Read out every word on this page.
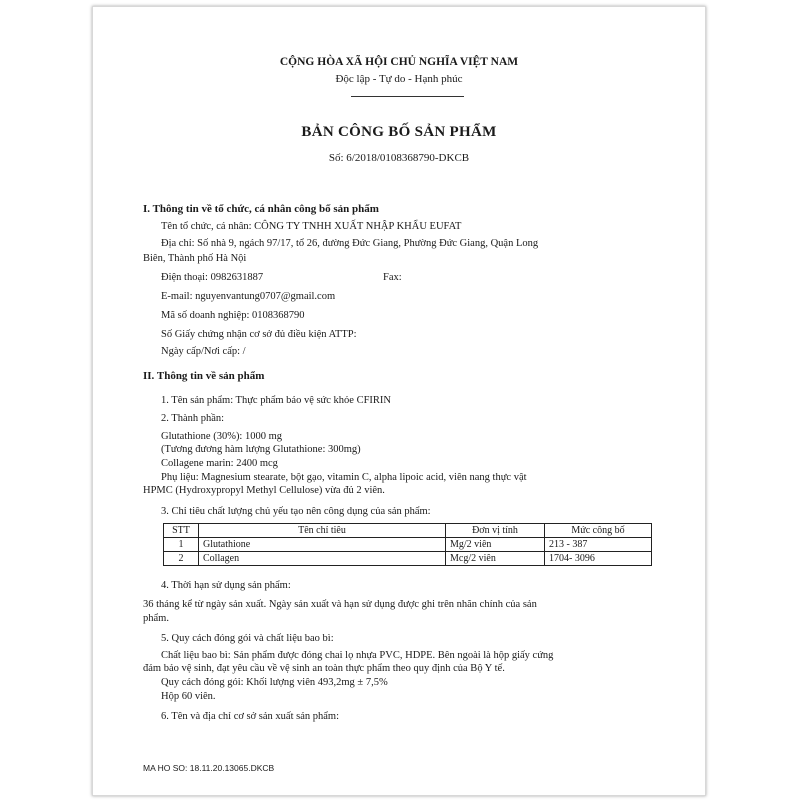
CỘNG HÒA XÃ HỘI CHỦ NGHĨA VIỆT NAM
Độc lập - Tự do - Hạnh phúc
BẢN CÔNG BỐ SẢN PHẨM
Số: 6/2018/0108368790-DKCB
I. Thông tin về tổ chức, cá nhân công bố sản phẩm
Tên tổ chức, cá nhân: CÔNG TY TNHH XUẤT NHẬP KHẨU EUFAT
Địa chỉ: Số nhà 9, ngách 97/17, tổ 26, đường Đức Giang, Phường Đức Giang, Quận Long
Biên, Thành phố Hà Nội
Điện thoại: 0982631887	Fax:
E-mail: nguyenvantung0707@gmail.com
Mã số doanh nghiệp: 0108368790
Số Giấy chứng nhận cơ sở đủ điều kiện ATTP:
Ngày cấp/Nơi cấp: /
II. Thông tin về sản phẩm
1. Tên sản phẩm: Thực phẩm bảo vệ sức khỏe CFIRIN
2. Thành phần:
Glutathione (30%): 1000 mg
(Tương đương hàm lượng Glutathione: 300mg)
Collagene marin: 2400 mcg
Phụ liệu: Magnesium stearate, bột gạo, vitamin C, alpha lipoic acid, viên nang thực vật
HPMC (Hydroxypropyl Methyl Cellulose) vừa đủ 2 viên.
3. Chỉ tiêu chất lượng chủ yếu tạo nên công dụng của sản phẩm:
STT	Tên chỉ tiêu	Đơn vị tính	Mức công bố
1	Glutathione	Mg/2 viên	213 - 387
2	Collagen	Mcg/2 viên	1704- 3096
4. Thời hạn sử dụng sản phẩm:
36 tháng kể từ ngày sản xuất. Ngày sản xuất và hạn sử dụng được ghi trên nhãn chính của sản
phẩm.
5. Quy cách đóng gói và chất liệu bao bì:
Chất liệu bao bì: Sản phẩm được đóng chai lọ nhựa PVC, HDPE. Bên ngoài là hộp giấy cứng
đảm bảo vệ sinh, đạt yêu cầu về vệ sinh an toàn thực phẩm theo quy định của Bộ Y tế.
Quy cách đóng gói: Khối lượng viên 493,2mg ± 7,5%
Hộp 60 viên.
6. Tên và địa chỉ cơ sở sản xuất sản phẩm:
MA HO SO: 18.11.20.13065.DKCB
